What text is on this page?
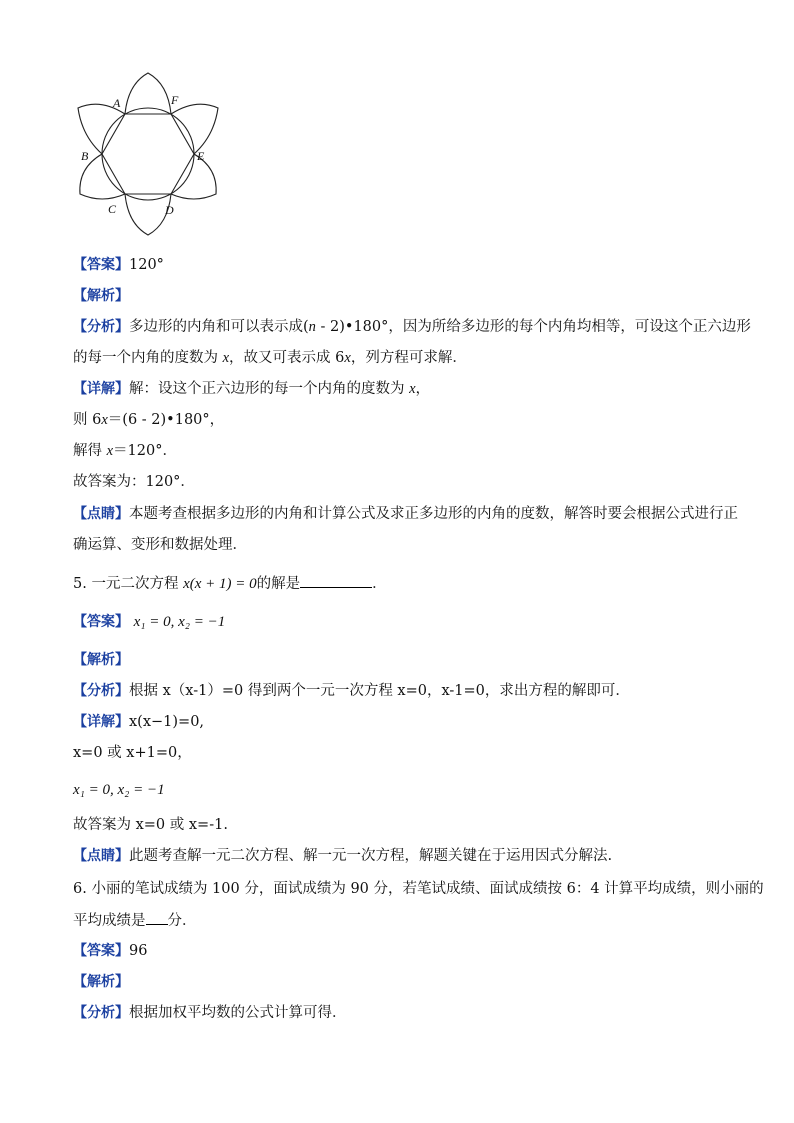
A	F
B	E
C	D
【答案】120°
【解析】
【分析】多边形的内角和可以表示成(n - 2)•180°，因为所给多边形的每个内角均相等，可设这个正六边形
的每一个内角的度数为 x，故又可表示成 6x，列方程可求解．
【详解】解：设这个正六边形的每一个内角的度数为 x，
则 6x＝(6 - 2)•180°，
解得 x＝120°．
故答案为：120°．
【点睛】本题考查根据多边形的内角和计算公式及求正多边形的内角的度数，解答时要会根据公式进行正
确运算、变形和数据处理．
5. 一元二次方程 x(x + 1) = 0的解是	．
【答案】 x₁ = 0, x₂ = −1
【解析】
【分析】根据 x（x-1）=0 得到两个一元一次方程 x=0，x-1=0，求出方程的解即可．
【详解】x(x−1)=0,
x=0 或 x+1=0，
x₁ = 0, x₂ = −1
故答案为 x=0 或 x=-1.
【点睛】此题考查解一元二次方程、解一元一次方程，解题关键在于运用因式分解法.
6. 小丽的笔试成绩为 100 分，面试成绩为 90 分，若笔试成绩、面试成绩按 6：4 计算平均成绩，则小丽的
平均成绩是 分．
【答案】96
【解析】
【分析】根据加权平均数的公式计算可得．
